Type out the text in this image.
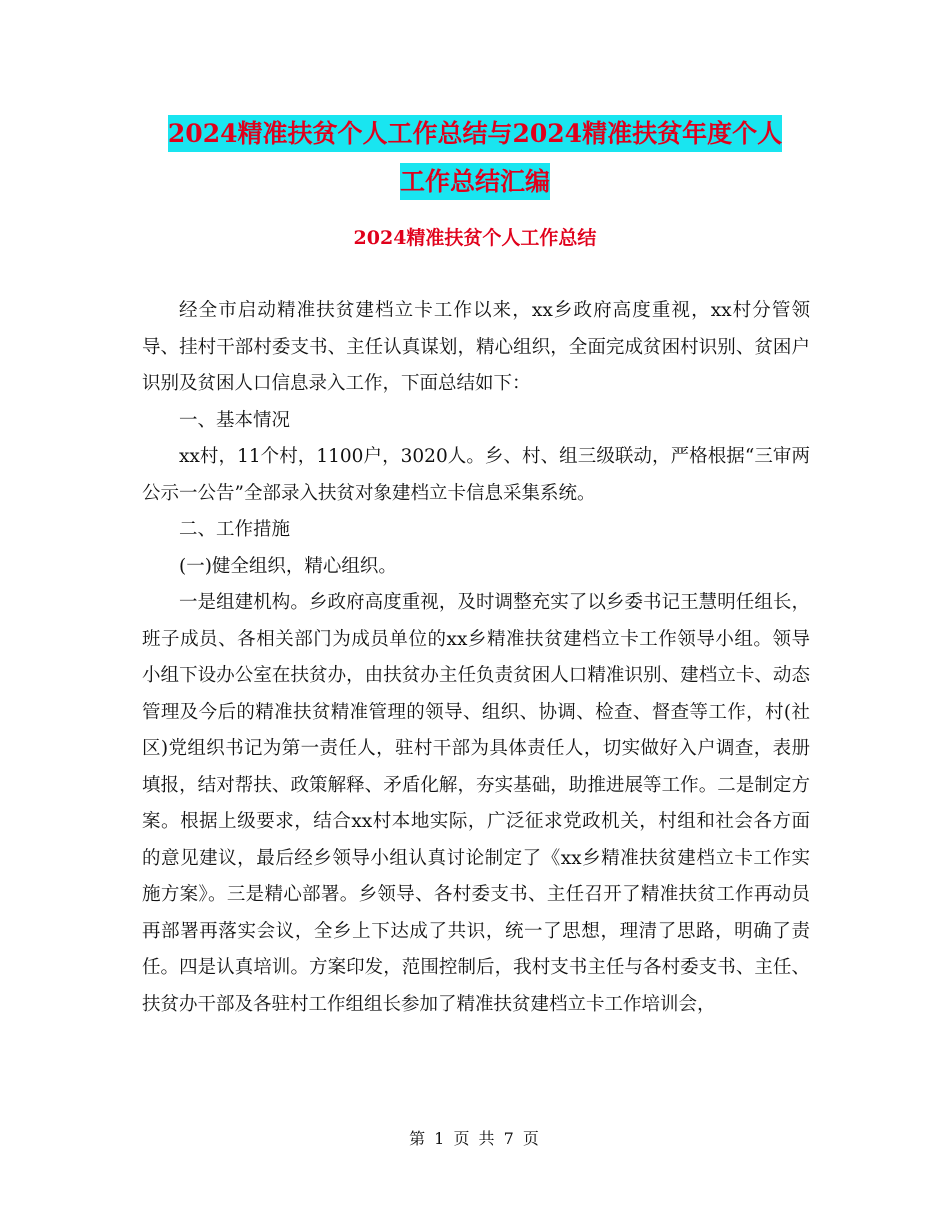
2024精准扶贫个人工作总结与2024精准扶贫年度个人
工作总结汇编
2024精准扶贫个人工作总结

经全市启动精准扶贫建档立卡工作以来，xx乡政府高度重视，xx村分管领导、挂村干部村委支书、主任认真谋划，精心组织，全面完成贫困村识别、贫困户识别及贫困人口信息录入工作，下面总结如下：

一、基本情况

xx村，11个村，1100户，3020人。乡、村、组三级联动，严格根据“三审两公示一公告”全部录入扶贫对象建档立卡信息采集系统。

二、工作措施

(一)健全组织，精心组织。

一是组建机构。乡政府高度重视，及时调整充实了以乡委书记王慧明任组长，班子成员、各相关部门为成员单位的xx乡精准扶贫建档立卡工作领导小组。领导小组下设办公室在扶贫办，由扶贫办主任负责贫困人口精准识别、建档立卡、动态管理及今后的精准扶贫精准管理的领导、组织、协调、检查、督查等工作，村(社区)党组织书记为第一责任人，驻村干部为具体责任人，切实做好入户调查，表册填报，结对帮扶、政策解释、矛盾化解，夯实基础，助推进展等工作。二是制定方案。根据上级要求，结合xx村本地实际，广泛征求党政机关，村组和社会各方面的意见建议，最后经乡领导小组认真讨论制定了《xx乡精准扶贫建档立卡工作实施方案》。三是精心部署。乡领导、各村委支书、主任召开了精准扶贫工作再动员再部署再落实会议，全乡上下达成了共识，统一了思想，理清了思路，明确了责任。四是认真培训。方案印发，范围控制后，我村支书主任与各村委支书、主任、扶贫办干部及各驻村工作组组长参加了精准扶贫建档立卡工作培训会，

第 1 页 共 7 页
